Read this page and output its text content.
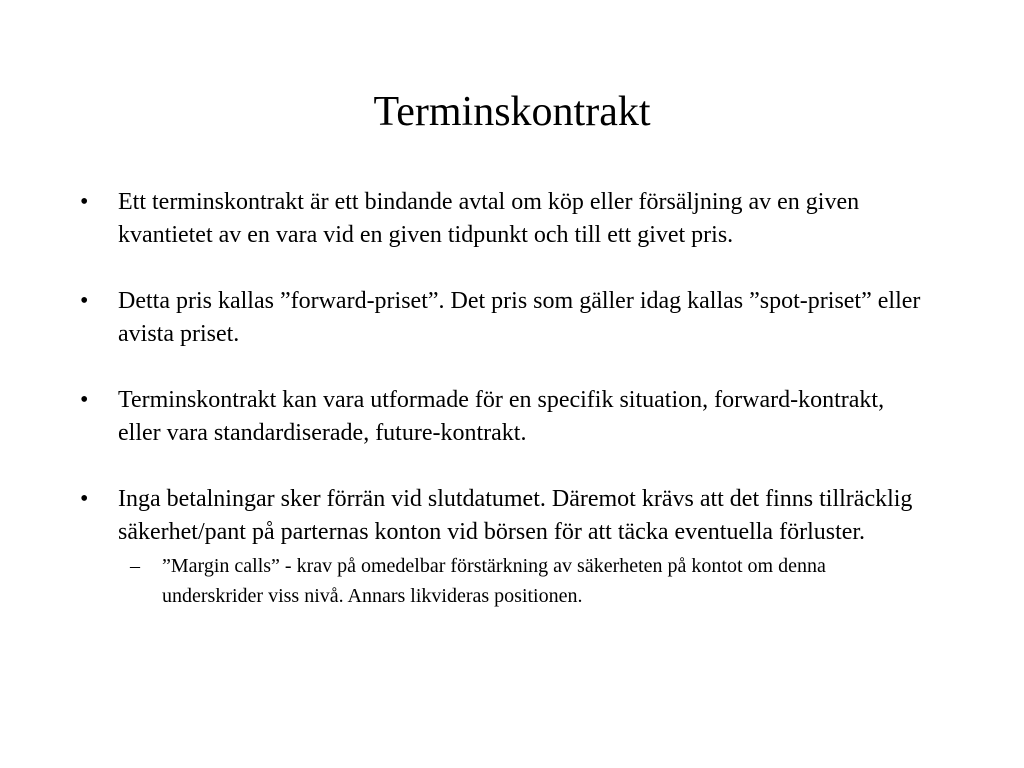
Terminskontrakt
•	Ett terminskontrakt är ett bindande avtal om köp eller försäljning av en given kvantietet av en vara vid en given tidpunkt och till ett givet pris.
•	Detta pris kallas ”forward-priset”. Det pris som gäller idag kallas ”spot-priset” eller avista priset.
•	Terminskontrakt kan vara utformade för en specifik situation, forward-kontrakt, eller vara standardiserade, future-kontrakt.
•	Inga betalningar sker förrän vid slutdatumet. Däremot krävs att det finns tillräcklig säkerhet/pant på parternas konton vid börsen för att täcka eventuella förluster.
–	”Margin calls” - krav på omedelbar förstärkning av säkerheten på kontot om denna underskrider viss nivå. Annars likvideras positionen.
